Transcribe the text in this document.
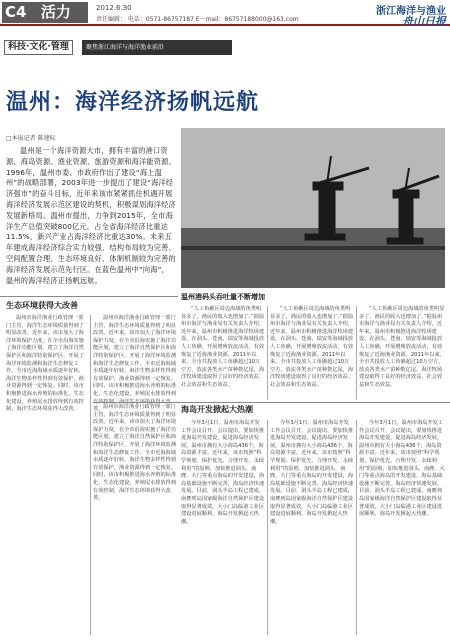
C4 活力	2012.6.30
责任编辑： 电话：0571-86757187 E－mail：86757188000@163.com
浙江海洋与渔业
舟山日报
科技·文化·管理	聚焦浙江海洋与海洋渔业前沿
温州：海洋经济扬帆远航
□本报记者 陈建标
温州是一个海洋资源大市，拥有丰富的港口资源、海岛资源、渔业资源、旅游资源和海洋能资源。1996年，温州市委、市政府作出了建设“海上温州”的战略部署，2003年进一步提出了建设“海洋经济强市”的奋斗目标，近年来该市紧紧抓住机遇开展海洋经济发展示范区建设的契机，积极谋划海洋经济发展新格局。温州市提出，力争到2015年，全市海洋生产总值突破800亿元，占全省海洋经济比重达11.5%，新兴产业占海洋经济比重达30%。未来五年建成海洋经济综合实力较强、结构布局较为完善、空间配置合理、生态环境良好、体制机制较为完善的海洋经济发展示范先行区。在蓝色温州中“向海”，温州的海洋经济正扬帆远航。
温州港码头吞吐量不断增加
生态环境获得大改善
温州市海洋渔业行政管理一部门主管，海洋生态环境质量得到了明显改善。近年来，该市加大了海洋环境保护力度，在全市沿海实施了海洋功能区划，建立了海洋自然保护区和海洋特别保护区，开展了海洋环境监测和海洋生态修复工作。全市近海海域水质逐年好转，海洋生物多样性得到有效保护，渔业资源得到一定恢复。同时，该市积极推进海水养殖的标准化、生态化建设，养殖尾水排放得到有效控制，海洋生态环境获得大改善。
温州市海洋渔业行政管理一部门主管，海洋生态环境质量得到了明显改善。近年来，该市加大了海洋环境保护力度，在全市沿海实施了海洋功能区划，建立了海洋自然保护区和海洋特别保护区，开展了海洋环境监测和海洋生态修复工作。全市近海海域水质逐年好转，海洋生物多样性得到有效保护，渔业资源得到一定恢复。同时，该市积极推进海水养殖的标准化、生态化建设，养殖尾水排放得到 善。	海岛开发掀起大热潮
今年3月1日，温州市海岛开发工作会议召开。会议提出，要加快推进海岛开发建设，促进海岛经济发展。温州市拥有大小海岛436个，海岛资源丰富。近年来，该市按照“科学规划、保护优先、合理开发、永续利用”的原则，加快推进洞头、南麂、大门等重点海岛的开发建设，海岛基础设施不断完善，海岛经济快速发展。目前，洞头半岛工程已建成，南麂列岛国家级海洋自然保护区建设取得显著成效，大小门岛临港工业区建设进展顺利，海岛开发掀起大热潮。
今年3月1日，温州市海岛开发工作会议召开。会议提出，要加快推进海岛开发建设，促进海岛经济发展。温州市拥有大小海岛436个，海岛资源丰富。近年来，该市按照“科学规划、保护优先、合理开发、永续利用”的原则，加快推进洞头、南麂、大门等重点海岛的开发建设，海岛基础设施不断完善，海岛经济快速发展。目前，洞头半岛工程已建成，南麂列岛国家级海洋自然保护区建设取得显著成效，大小门岛临港工业区建设进展顺利，海岛开发掀起大热潮。
今年3月1日，温州市海岛开发工作会议召开。会议提出，要加快推进海岛开发建设，促进海岛经济发展。温州市拥有大小海岛436个，海岛资源丰富。近年来，该市按照“科学规划、保护优先、合理开发、永续利用”的原则，加快推进洞头、南麂、大门等重点海岛的开发建设，海岛基础设施不断完善，海岛经济快速发展。目前，洞头半岛工程已建成，南麂列岛国家级海洋自然保护区建设取得显著成效，大小门岛临港工业区建设进展顺利，海岛开发掀起大热潮。
“人工鱼礁区周边海域的鱼类明显多了，渔民的收入也增加了。”据温州市海洋与渔业局有关负责人介绍，近年来，温州市积极推进海洋牧场建设，在洞头、苍南、瑞安等海域投放人工鱼礁，开展增殖放流活动，有效恢复了近海渔业资源。2011年以来，全市共投放人工鱼礁超过10万空方，放流各类水产苗种数亿尾，海洋牧场建设取得了良好的经济效益、社会效益和生态效益。
“人工鱼礁区周边海域的鱼类明显多了，渔民的收入也增加了。”据温州市海洋与渔业局有关负责人介绍，近年来，温州市积极推进海洋牧场建设，在洞头、苍南、瑞安等海域投放人工鱼礁，开展增殖放流活动，有效恢复了近海渔业资源。2011年以来，全市共投放人工鱼礁超过10万空方，放流各类水产苗种数亿尾，海洋牧场建设取得了良好的经济效益、社会效益和生态效益。
“人工鱼礁区周边海域的鱼类明显多了，渔民的收入也增加了。”据温州市海洋与渔业局有关负责人介绍，近年来，温州市积极推进海洋牧场建设，在洞头、苍南、瑞安等海域投放人工鱼礁，开展增殖放流活动，有效恢复了近海渔业资源。2011年以来，全市共投放人工鱼礁超过10万空方，放流各类水产苗种数亿尾，海洋牧场建设取得了良好的经济效益、社会效益和生态效益。
温州市海洋渔业行政管理一部门主管，海洋生态环境质量得到了明显改善。近年来，该市加大了海洋环境保护力度，在全市沿海实施了海洋功能区划，建立了海洋自然保护区和海洋特别保护区，开展了海洋环境监测和海洋生态修复工作。全市近海海域水质逐年好转，海洋生物多样性得到有效保护，渔业资源得到一定恢复。同时，该市积极推进海水养殖的标准化、生态化建设，养殖尾水排放得到有效控制，海洋生态环境获得大改善。
